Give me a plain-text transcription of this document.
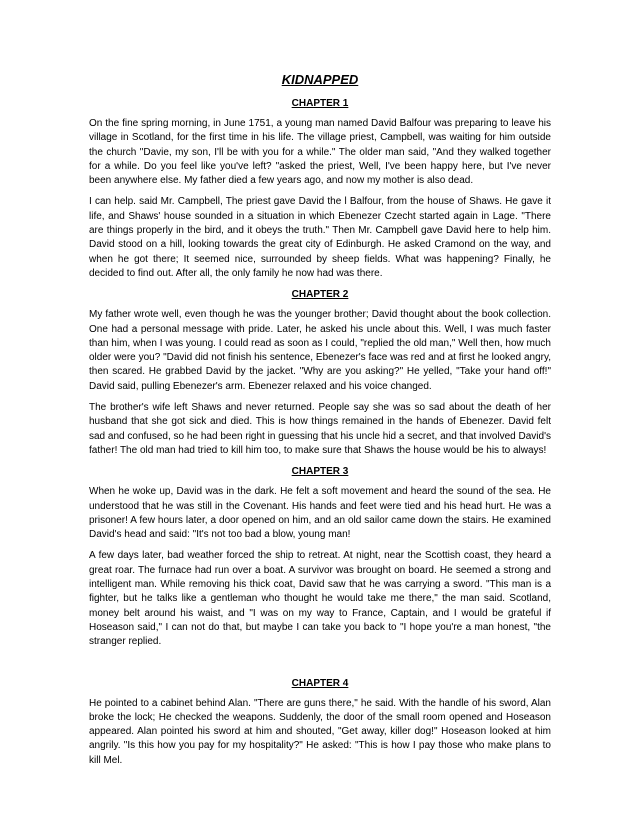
KIDNAPPED
CHAPTER 1

On the fine spring morning, in June 1751, a young man named David Balfour was preparing to leave his village in Scotland, for the first time in his life. The village priest, Campbell, was waiting for him outside the church "Davie, my son, I'll be with you for a while." The older man said, "And they walked together for a while. Do you feel like you've left? "asked the priest, Well, I've been happy here, but I've never been anywhere else. My father died a few years ago, and now my mother is also dead.

I can help. said Mr. Campbell, The priest gave David the l Balfour, from the house of Shaws. He gave it life, and Shaws' house sounded in a situation in which Ebenezer Czecht started again in Lage. "There are things properly in the bird, and it obeys the truth." Then Mr. Campbell gave David here to help him. David stood on a hill, looking towards the great city of Edinburgh. He asked Cramond on the way, and when he got there; It seemed nice, surrounded by sheep fields. What was happening? Finally, he decided to find out. After all, the only family he now had was there.

CHAPTER 2

My father wrote well, even though he was the younger brother; David thought about the book collection. One had a personal message with pride. Later, he asked his uncle about this. Well, I was much faster than him, when I was young. I could read as soon as I could, "replied the old man," Well then, how much older were you? "David did not finish his sentence, Ebenezer's face was red and at first he looked angry, then scared. He grabbed David by the jacket. "Why are you asking?" He yelled, "Take your hand off!" David said, pulling Ebenezer's arm. Ebenezer relaxed and his voice changed.

The brother's wife left Shaws and never returned. People say she was so sad about the death of her husband that she got sick and died. This is how things remained in the hands of Ebenezer. David felt sad and confused, so he had been right in guessing that his uncle hid a secret, and that involved David's father! The old man had tried to kill him too, to make sure that Shaws the house would be his to always!

CHAPTER 3

When he woke up, David was in the dark. He felt a soft movement and heard the sound of the sea. He understood that he was still in the Covenant. His hands and feet were tied and his head hurt. He was a prisoner! A few hours later, a door opened on him, and an old sailor came down the stairs. He examined David's head and said: "It's not too bad a blow, young man!

A few days later, bad weather forced the ship to retreat. At night, near the Scottish coast, they heard a great roar. The furnace had run over a boat. A survivor was brought on board. He seemed a strong and intelligent man. While removing his thick coat, David saw that he was carrying a sword. "This man is a fighter, but he talks like a gentleman who thought he would take me there," the man said. Scotland, money belt around his waist, and "I was on my way to France, Captain, and I would be grateful if Hoseason said," I can not do that, but maybe I can take you back to "I hope you're a man honest, "the stranger replied.

CHAPTER 4

He pointed to a cabinet behind Alan. "There are guns there," he said. With the handle of his sword, Alan broke the lock; He checked the weapons. Suddenly, the door of the small room opened and Hoseason appeared. Alan pointed his sword at him and shouted, "Get away, killer dog!" Hoseason looked at him angrily. "Is this how you pay for my hospitality?" He asked: "This is how I pay those who make plans to kill Mel.
